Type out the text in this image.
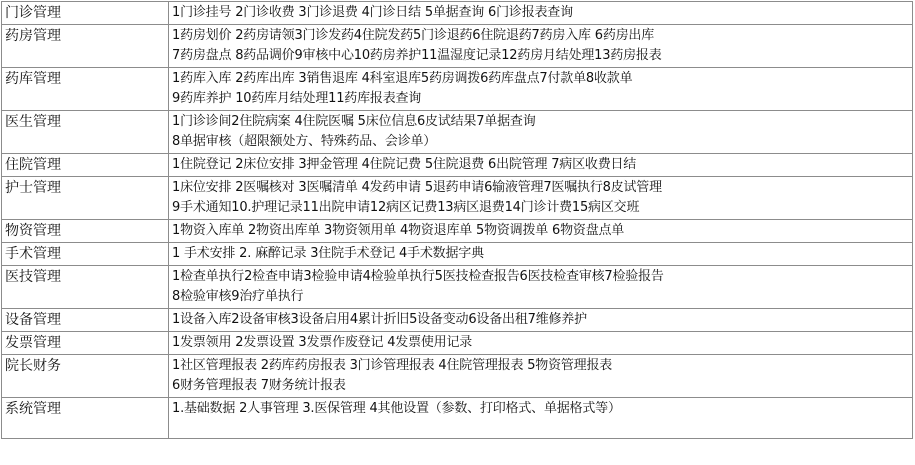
门诊管理	1门诊挂号 2门诊收费 3门诊退费 4门诊日结 5单据查询 6门诊报表查询

药房管理	1药房划价 2药房请领3门诊发药4住院发药5门诊退药6住院退药7药房入库 6药房出库
7药房盘点 8药品调价9审核中心10药房养护11温湿度记录12药房月结处理13药房报表

药库管理	1药库入库 2药库出库 3销售退库 4科室退库5药房调拨6药库盘点7付款单8收款单
9药库养护 10药库月结处理11药库报表查询

医生管理	1门诊诊间2住院病案 4住院医嘱 5床位信息6皮试结果7单据查询
8单据审核（超限额处方、特殊药品、会诊单）

住院管理	1住院登记 2床位安排 3押金管理 4住院记费 5住院退费 6出院管理 7病区收费日结

护士管理	1床位安排 2医嘱核对 3医嘱清单 4发药申请 5退药申请6输液管理7医嘱执行8皮试管理
9手术通知10.护理记录11出院申请12病区记费13病区退费14门诊计费15病区交班

物资管理	1物资入库单 2物资出库单 3物资领用单 4物资退库单 5物资调拨单 6物资盘点单

手术管理	1 手术安排 2. 麻醉记录 3住院手术登记 4手术数据字典

医技管理	1检查单执行2检查申请3检验申请4检验单执行5医技检查报告6医技检查审核7检验报告
8检验审核9治疗单执行

设备管理	1设备入库2设备审核3设备启用4累计折旧5设备变动6设备出租7维修养护

发票管理	1发票领用 2发票设置 3发票作废登记 4发票使用记录

院长财务	1社区管理报表 2药库药房报表 3门诊管理报表 4住院管理报表 5物资管理报表
6财务管理报表 7财务统计报表

系统管理	1.基础数据 2人事管理 3.医保管理 4其他设置（参数、打印格式、单据格式等）
